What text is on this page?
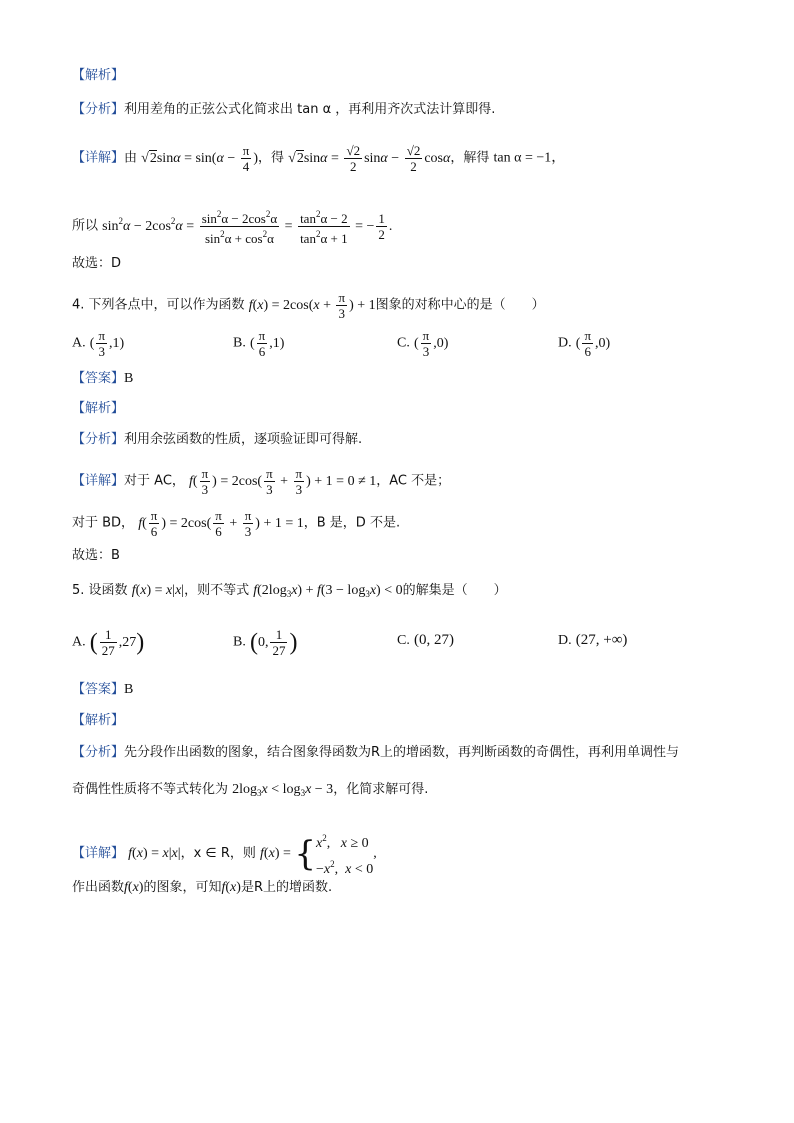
【解析】
【分析】利用差角的正弦公式化简求出 tan α ，再利用齐次式法计算即得.
【详解】由 $√2\sin\alpha = \sin(\alpha - \frac{\pi}{4}$ )，得 $√2\sin\alpha = \frac{√2}{2}$ $\sin\alpha - \frac{√2}{2}$ cosα，解得 tan α = −1，
所以 $\sin^2\alpha - 2\cos^2\alpha = \frac{\sin^2\alpha - 2\cos^2\alpha}{\sin^2\alpha + \cos^2\alpha} = \frac{\tan^2\alpha - 2}{\tan^2\alpha + 1}$ = − $\frac{1}{2}$ .
故选：D
4. 下列各点中，可以作为函数 $f(x) = 2\cos(x + \frac{\pi}{3}$ ) + 1图象的对称中心的是（　　）
A. ( $\frac{\pi}{3} ,1$)	B. ( $\frac{\pi}{6} ,1$)	C. ( $\frac{\pi}{3} ,0$)	D. ( $\frac{\pi}{6} ,0$)
【答案】B
【解析】
【分析】利用余弦函数的性质，逐项验证即可得解.
【详解】对于 AC， $f( \frac{\pi}{3}$ ) = $2\cos( \frac{\pi}{3} + \frac{\pi}{3}$ ) + 1 = 0 ≠ 1，AC 不是；
对于 BD， $f( \frac{\pi}{6}$ ) = $2\cos( \frac{\pi}{6} + \frac{\pi}{3}$ ) + 1 = 1，B 是，D 不是.
故选：B
5. 设函数 f(x) = x|x|，则不等式 $f(2\log_3x) + f(3 - \log_3x) < 0$的解集是（　　）
A. ( $\frac{1}{27} ,27$)	B. (0, $\frac{1}{27}$ )	C. (0, 27)	D. (27, +∞)
【答案】B
【解析】
【分析】先分段作出函数的图象，结合图象得函数为R上的增函数，再判断函数的奇偶性，再利用单调性与
奇偶性性质将不等式转化为 $2\log_3x < \log_3x - 3$，化简求解可得.
【详解】 f(x) = x|x|，x ∈ R，则 f(x) = { $x^2$,   x ≥ 0
$-x^2$,  x < 0
,
作出函数f(x)的图象，可知f(x)是R上的增函数.
